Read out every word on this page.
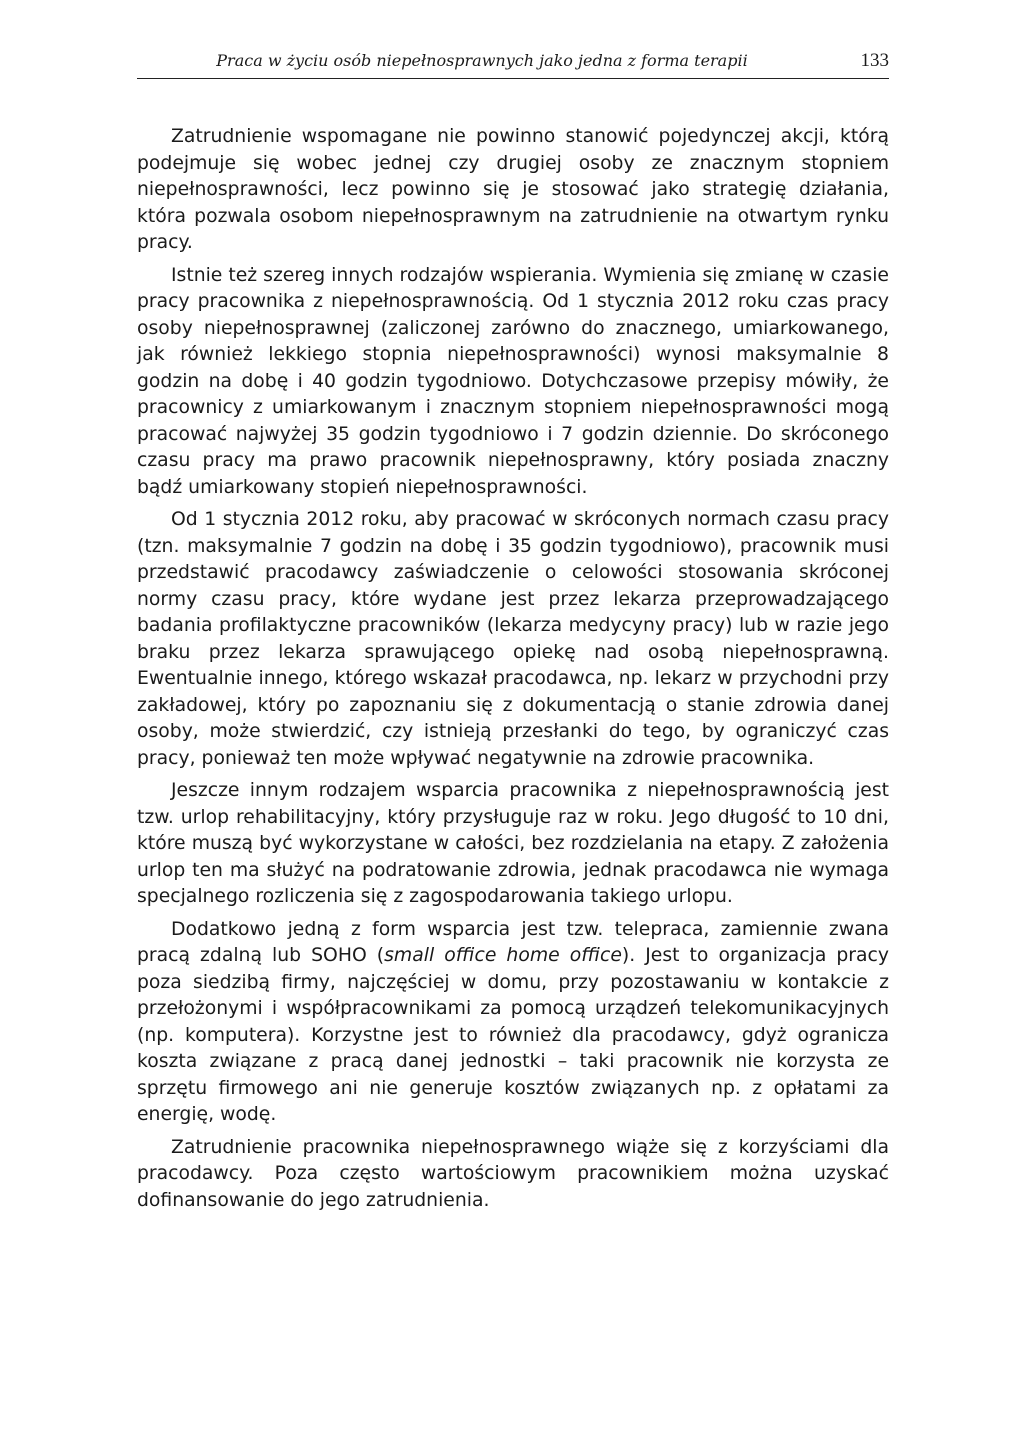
Praca w życiu osób niepełnosprawnych jako jedna z forma terapii	133

Zatrudnienie wspomagane nie powinno stanowić pojedynczej akcji, którą podejmuje się wobec jednej czy drugiej osoby ze znacznym stopniem niepełnosprawności, lecz powinno się je stosować jako strategię działania, która pozwala osobom niepełnosprawnym na zatrudnienie na otwartym rynku pracy.

Istnie też szereg innych rodzajów wspierania. Wymienia się zmianę w czasie pracy pracownika z niepełnosprawnością. Od 1 stycznia 2012 roku czas pracy osoby niepełnosprawnej (zaliczonej zarówno do znacznego, umiarkowanego, jak również lekkiego stopnia niepełnosprawności) wynosi maksymalnie 8 godzin na dobę i 40 godzin tygodniowo. Dotychczasowe przepisy mówiły, że pracownicy z umiarkowanym i znacznym stopniem niepełnosprawności mogą pracować najwyżej 35 godzin tygodniowo i 7 godzin dziennie. Do skróconego czasu pracy ma prawo pracownik niepełnosprawny, który posiada znaczny bądź umiarkowany stopień niepełnosprawności.

Od 1 stycznia 2012 roku, aby pracować w skróconych normach czasu pracy (tzn. maksymalnie 7 godzin na dobę i 35 godzin tygodniowo), pracownik musi przedstawić pracodawcy zaświadczenie o celowości stosowania skróconej normy czasu pracy, które wydane jest przez lekarza przeprowadzającego badania profilaktyczne pracowników (lekarza medycyny pracy) lub w razie jego braku przez lekarza sprawującego opiekę nad osobą niepełnosprawną. Ewentualnie innego, którego wskazał pracodawca, np. lekarz w przychodni przy zakładowej, który po zapoznaniu się z dokumentacją o stanie zdrowia danej osoby, może stwierdzić, czy istnieją przesłanki do tego, by ograniczyć czas pracy, ponieważ ten może wpływać negatywnie na zdrowie pracownika.

Jeszcze innym rodzajem wsparcia pracownika z niepełnosprawnością jest tzw. urlop rehabilitacyjny, który przysługuje raz w roku. Jego długość to 10 dni, które muszą być wykorzystane w całości, bez rozdzielania na etapy. Z założenia urlop ten ma służyć na podratowanie zdrowia, jednak pracodawca nie wymaga specjalnego rozliczenia się z zagospodarowania takiego urlopu.

Dodatkowo jedną z form wsparcia jest tzw. telepraca, zamiennie zwana pracą zdalną lub SOHO (small office home office). Jest to organizacja pracy poza siedzibą firmy, najczęściej w domu, przy pozostawaniu w kontakcie z przełożonymi i współpracownikami za pomocą urządzeń telekomunikacyjnych (np. komputera). Korzystne jest to również dla pracodawcy, gdyż ogranicza koszta związane z pracą danej jednostki – taki pracownik nie korzysta ze sprzętu firmowego ani nie generuje kosztów związanych np. z opłatami za energię, wodę.

Zatrudnienie pracownika niepełnosprawnego wiąże się z korzyściami dla pracodawcy. Poza często wartościowym pracownikiem można uzyskać dofinansowanie do jego zatrudnienia.
